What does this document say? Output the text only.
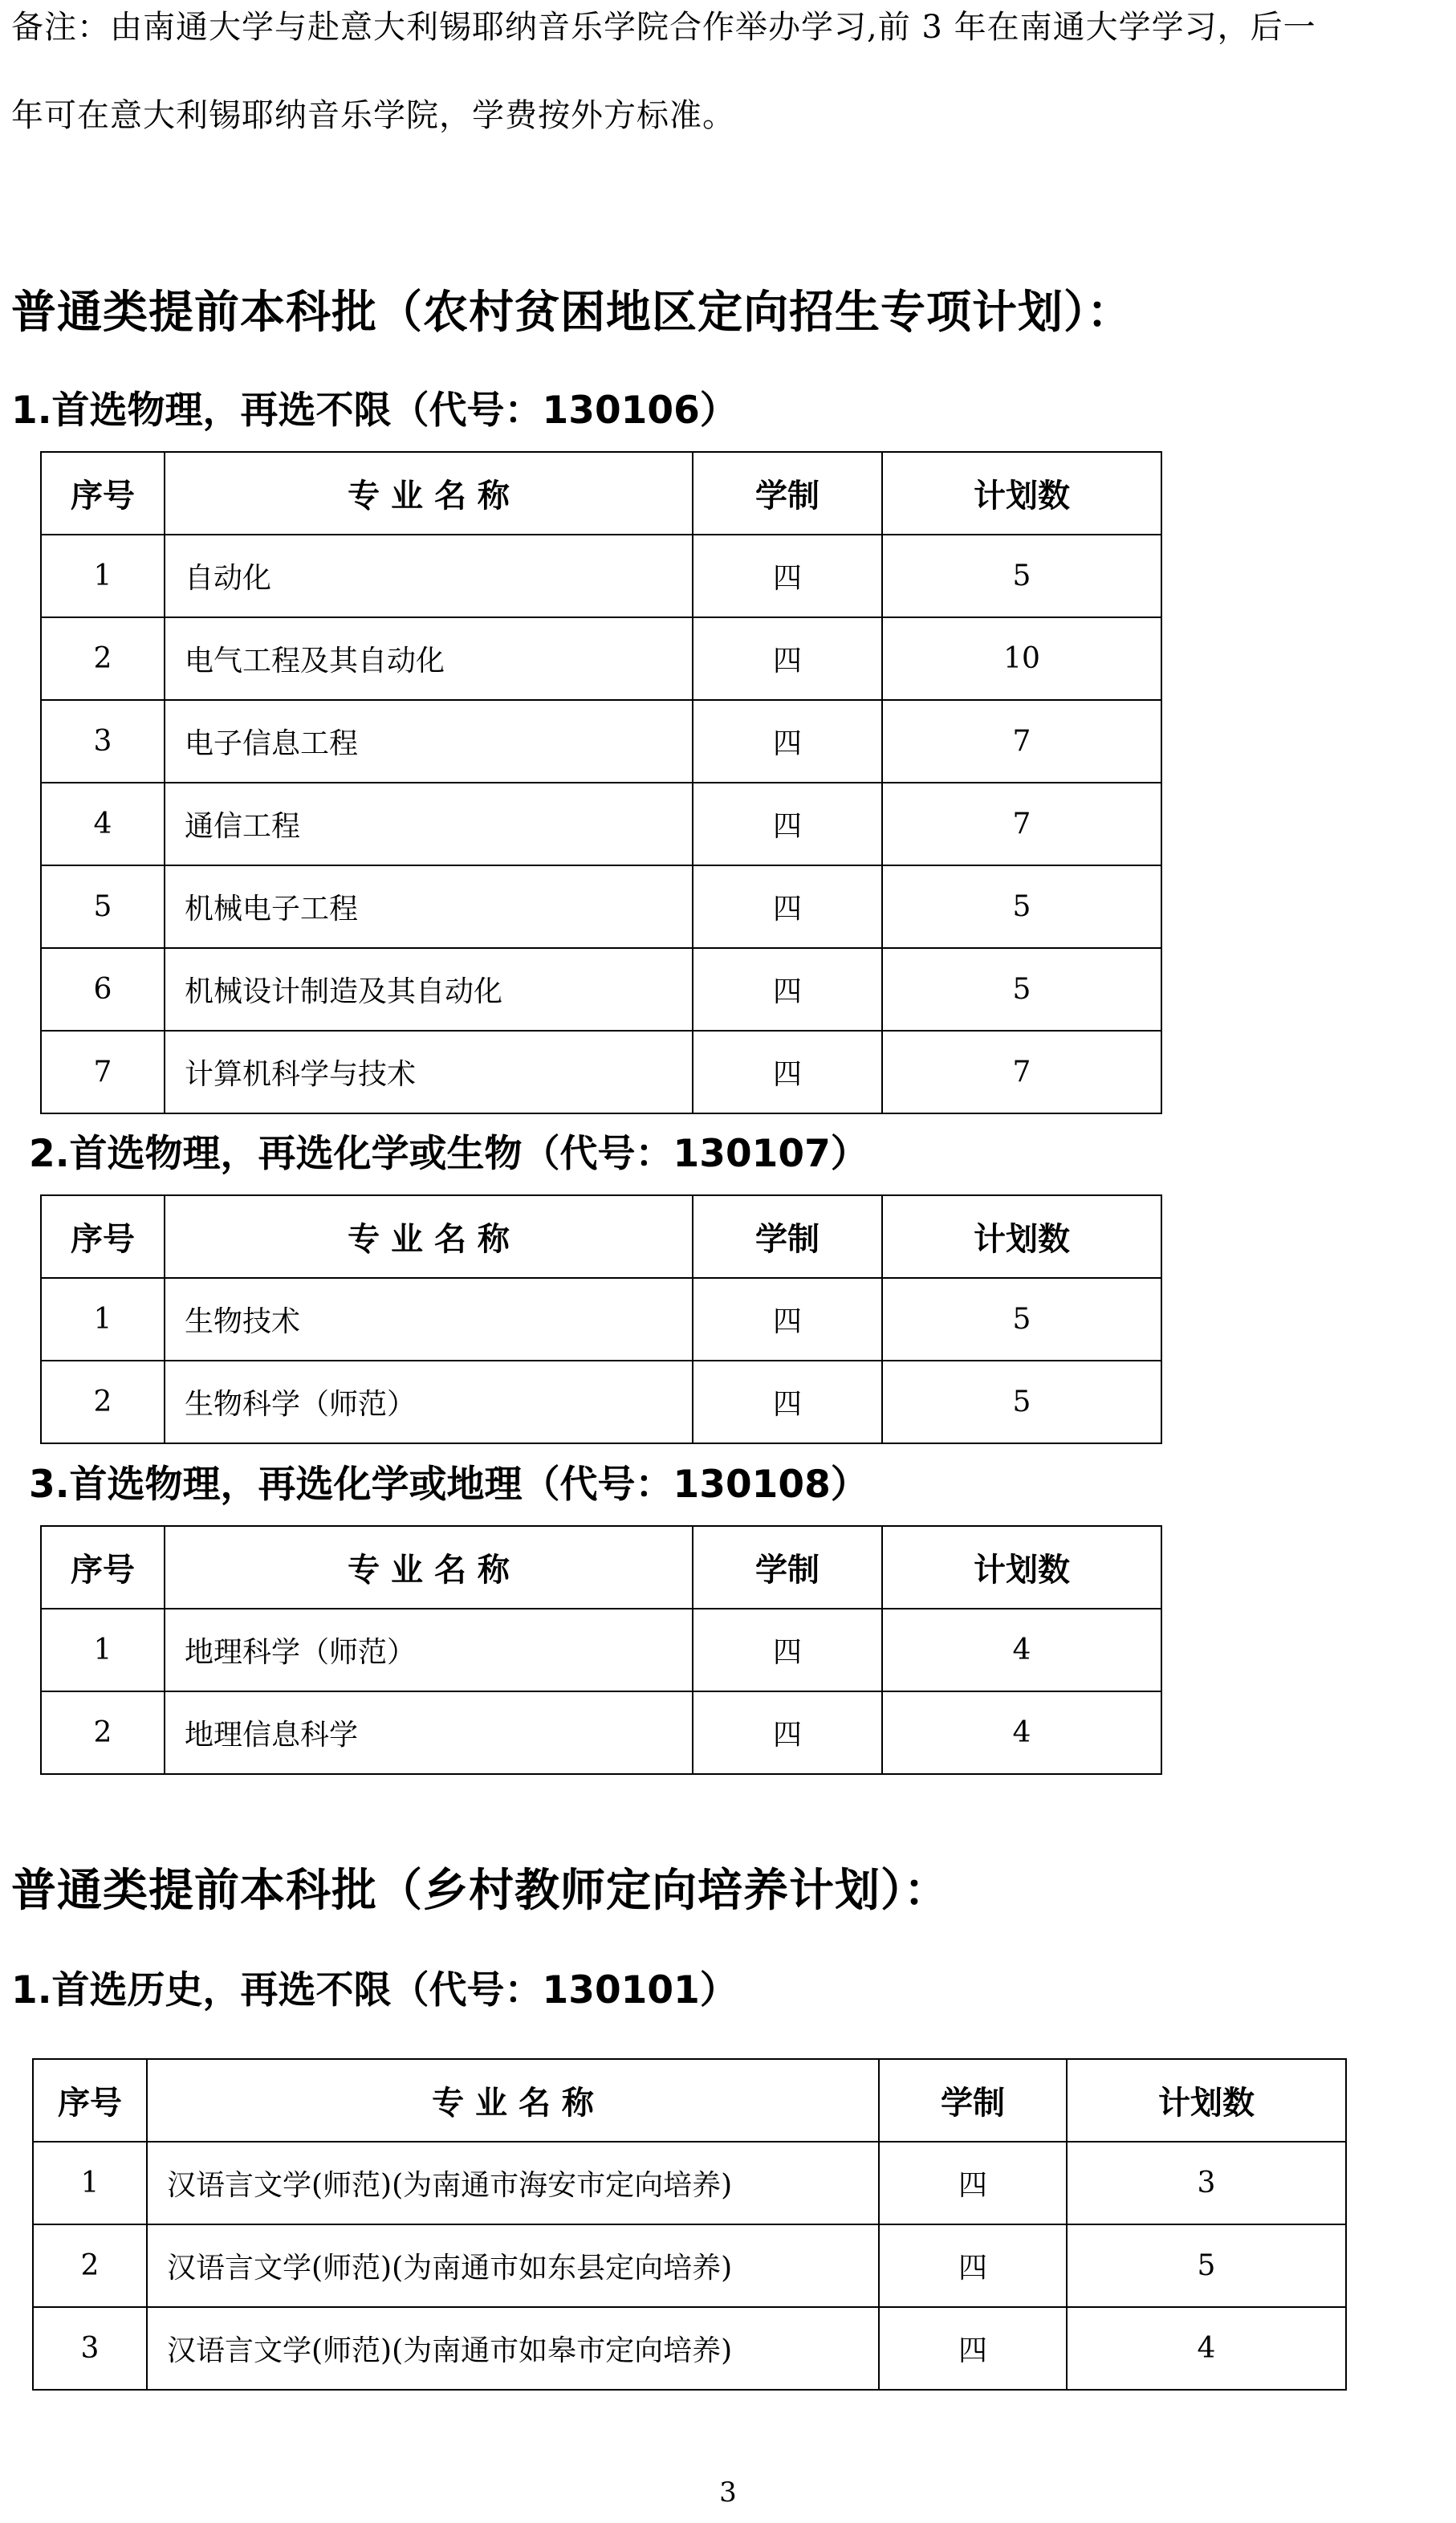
备注：由南通大学与赴意大利锡耶纳音乐学院合作举办学习,前 3 年在南通大学学习，后一

年可在意大利锡耶纳音乐学院，学费按外方标准。

普通类提前本科批（农村贫困地区定向招生专项计划）：
1.首选物理，再选不限（代号：130106）
序号	专 业 名 称	学制	计划数
1	自动化	四	5
2	电气工程及其自动化	四	10
3	电子信息工程	四	7
4	通信工程	四	7
5	机械电子工程	四	5
6	机械设计制造及其自动化	四	5
7	计算机科学与技术	四	7
2.首选物理，再选化学或生物（代号：130107）
序号	专 业 名 称	学制	计划数
1	生物技术	四	5
2	生物科学（师范）	四	5
3.首选物理，再选化学或地理（代号：130108）
序号	专 业 名 称	学制	计划数
1	地理科学（师范）	四	4
2	地理信息科学	四	4
普通类提前本科批（乡村教师定向培养计划）：
1.首选历史，再选不限（代号：130101）
序号	专 业 名 称	学制	计划数
1	汉语言文学(师范)(为南通市海安市定向培养)	四	3
2	汉语言文学(师范)(为南通市如东县定向培养)	四	5
3	汉语言文学(师范)(为南通市如皋市定向培养)	四	4

3
